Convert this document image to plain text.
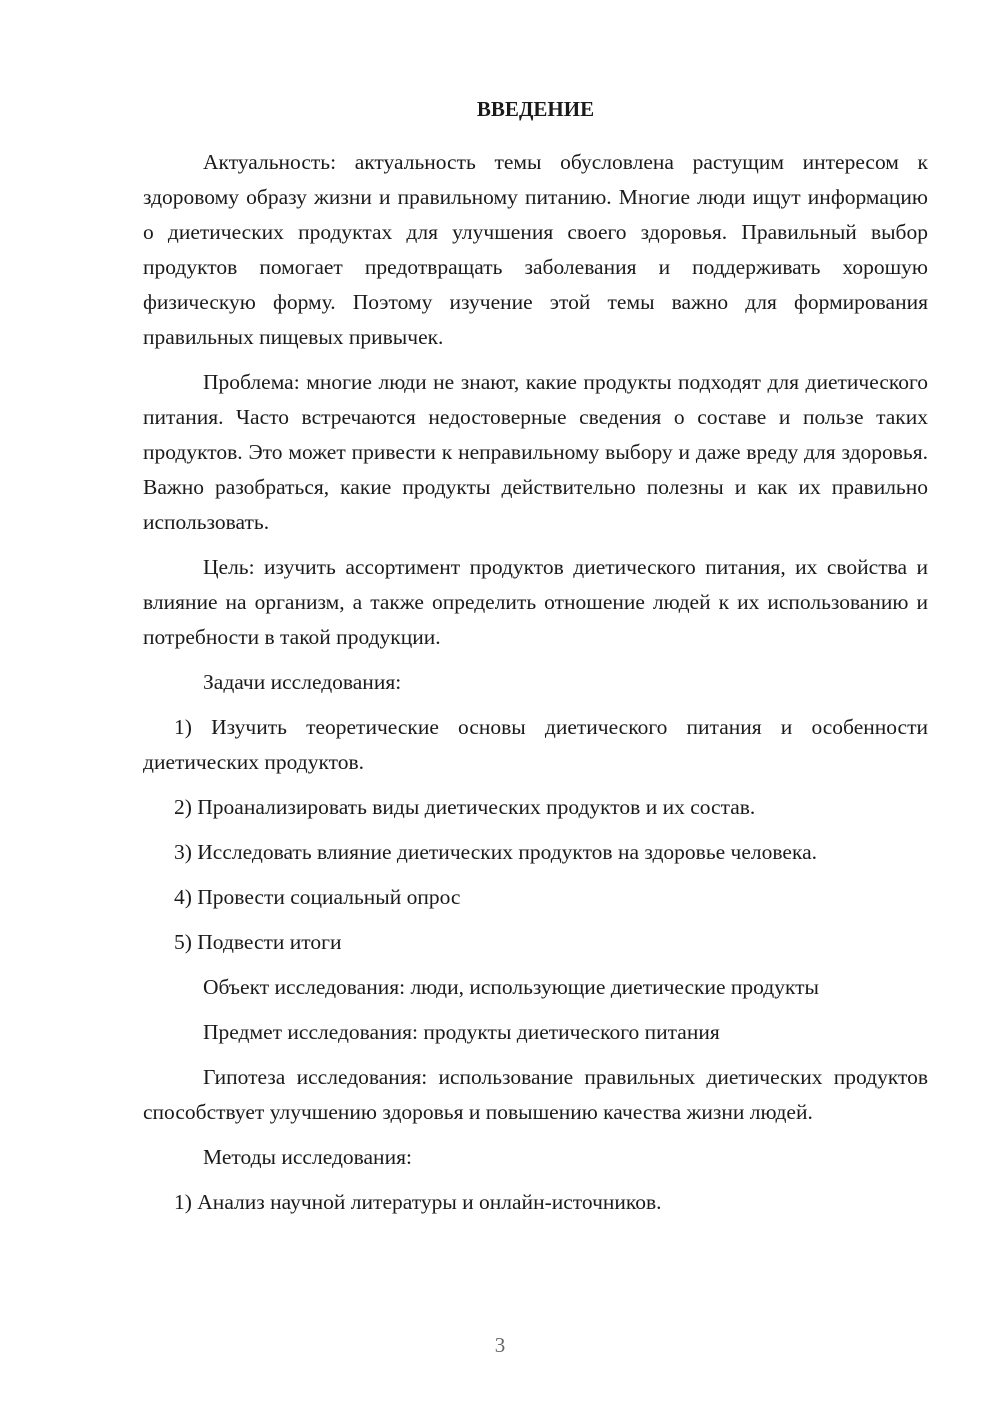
ВВЕДЕНИЕ

Актуальность: актуальность темы обусловлена растущим интересом к здоровому образу жизни и правильному питанию. Многие люди ищут информацию о диетических продуктах для улучшения своего здоровья. Правильный выбор продуктов помогает предотвращать заболевания и поддерживать хорошую физическую форму. Поэтому изучение этой темы важно для формирования правильных пищевых привычек.

Проблема: многие люди не знают, какие продукты подходят для диетического питания. Часто встречаются недостоверные сведения о составе и пользе таких продуктов. Это может привести к неправильному выбору и даже вреду для здоровья. Важно разобраться, какие продукты действительно полезны и как их правильно использовать.

Цель: изучить ассортимент продуктов диетического питания, их свойства и влияние на организм, а также определить отношение людей к их использованию и потребности в такой продукции.

Задачи исследования:

1) Изучить теоретические основы диетического питания и особенности диетических продуктов.

2) Проанализировать виды диетических продуктов и их состав.

3) Исследовать влияние диетических продуктов на здоровье человека.

4) Провести социальный опрос

5) Подвести итоги

Объект исследования: люди, использующие диетические продукты

Предмет исследования: продукты диетического питания

Гипотеза исследования: использование правильных диетических продуктов способствует улучшению здоровья и повышению качества жизни людей.

Методы исследования:

1) Анализ научной литературы и онлайн-источников.

3
